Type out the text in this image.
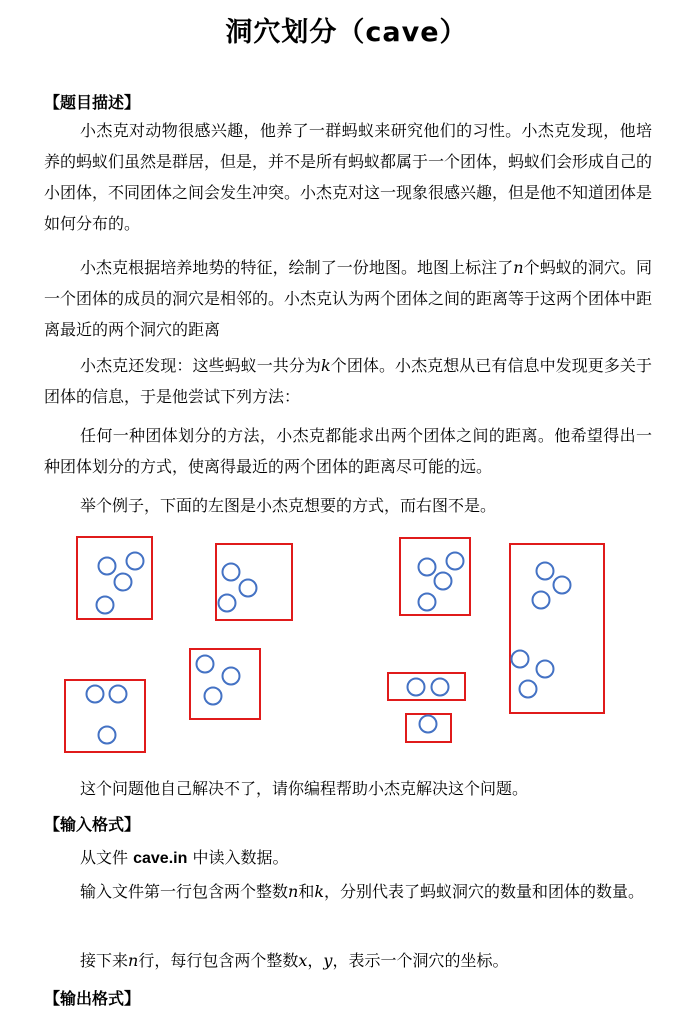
洞穴划分（cave）
【题目描述】

小杰克对动物很感兴趣，他养了一群蚂蚁来研究他们的习性。小杰克发现，他培养的蚂蚁们虽然是群居，但是，并不是所有蚂蚁都属于一个团体，蚂蚁们会形成自己的小团体，不同团体之间会发生冲突。小杰克对这一现象很感兴趣，但是他不知道团体是如何分布的。

小杰克根据培养地势的特征，绘制了一份地图。地图上标注了n个蚂蚁的洞穴。同一个团体的成员的洞穴是相邻的。小杰克认为两个团体之间的距离等于这两个团体中距离最近的两个洞穴的距离

小杰克还发现：这些蚂蚁一共分为k个团体。小杰克想从已有信息中发现更多关于团体的信息，于是他尝试下列方法：

任何一种团体划分的方法，小杰克都能求出两个团体之间的距离。他希望得出一种团体划分的方式，使离得最近的两个团体的距离尽可能的远。

举个例子，下面的左图是小杰克想要的方式，而右图不是。

这个问题他自己解决不了，请你编程帮助小杰克解决这个问题。

【输入格式】

从文件 cave.in 中读入数据。

输入文件第一行包含两个整数n和k，分别代表了蚂蚁洞穴的数量和团体的数量。

接下来n行，每行包含两个整数x，y，表示一个洞穴的坐标。

【输出格式】
